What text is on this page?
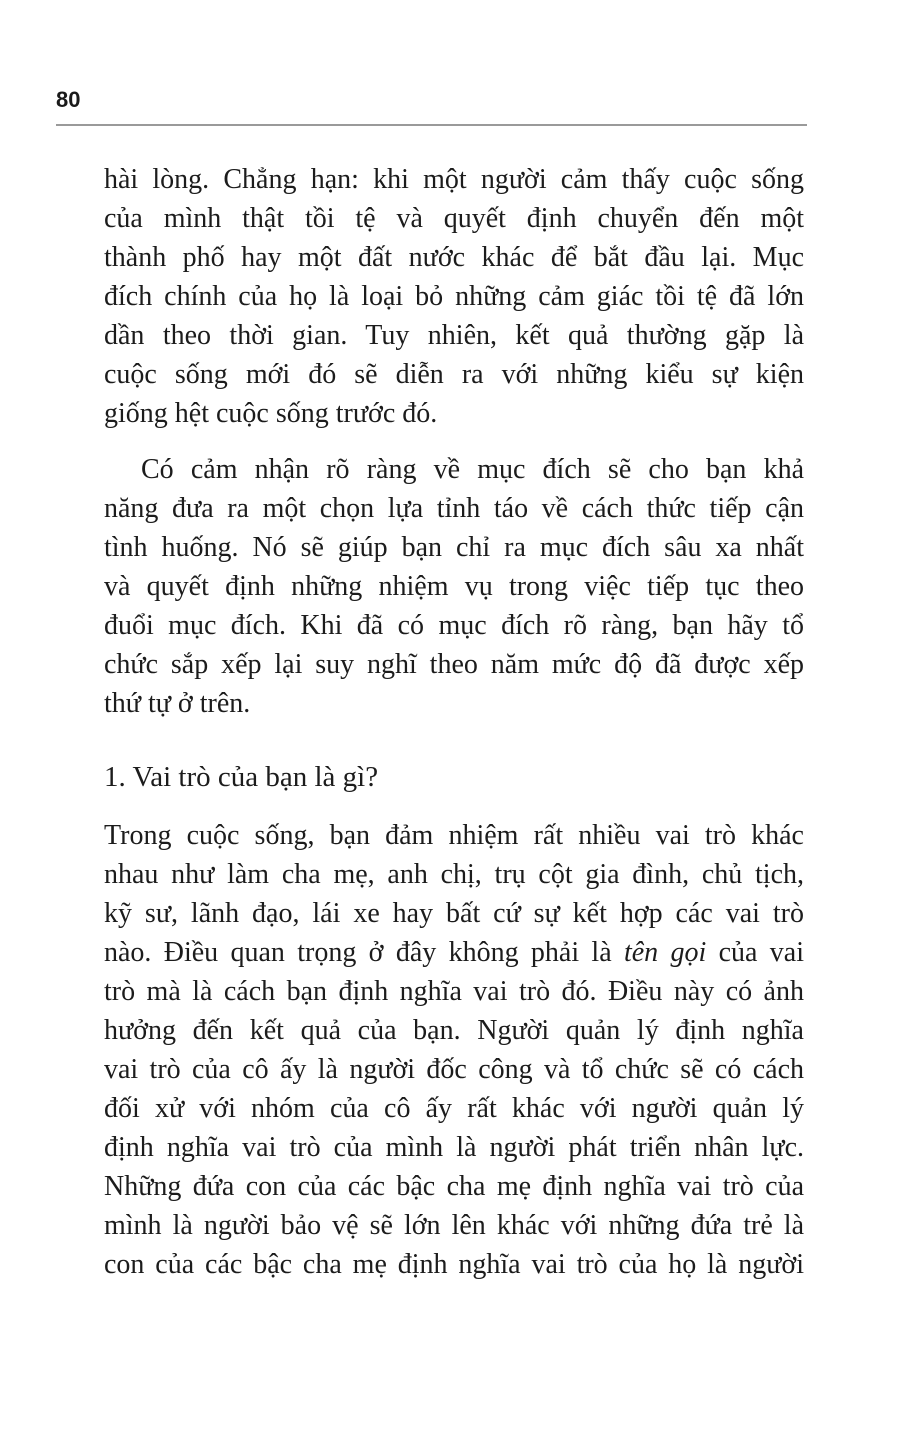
80

hài lòng. Chẳng hạn: khi một người cảm thấy cuộc sống
của mình thật tồi tệ và quyết định chuyển đến một
thành phố hay một đất nước khác để bắt đầu lại. Mục
đích chính của họ là loại bỏ những cảm giác tồi tệ đã lớn
dần theo thời gian. Tuy nhiên, kết quả thường gặp là
cuộc sống mới đó sẽ diễn ra với những kiểu sự kiện
giống hệt cuộc sống trước đó.

Có cảm nhận rõ ràng về mục đích sẽ cho bạn khả
năng đưa ra một chọn lựa tỉnh táo về cách thức tiếp cận
tình huống. Nó sẽ giúp bạn chỉ ra mục đích sâu xa nhất
và quyết định những nhiệm vụ trong việc tiếp tục theo
đuổi mục đích. Khi đã có mục đích rõ ràng, bạn hãy tổ
chức sắp xếp lại suy nghĩ theo năm mức độ đã được xếp
thứ tự ở trên.

1. Vai trò của bạn là gì?

Trong cuộc sống, bạn đảm nhiệm rất nhiều vai trò khác
nhau như làm cha mẹ, anh chị, trụ cột gia đình, chủ tịch,
kỹ sư, lãnh đạo, lái xe hay bất cứ sự kết hợp các vai trò
nào. Điều quan trọng ở đây không phải là tên gọi của vai
trò mà là cách bạn định nghĩa vai trò đó. Điều này có ảnh
hưởng đến kết quả của bạn. Người quản lý định nghĩa
vai trò của cô ấy là người đốc công và tổ chức sẽ có cách
đối xử với nhóm của cô ấy rất khác với người quản lý
định nghĩa vai trò của mình là người phát triển nhân lực.
Những đứa con của các bậc cha mẹ định nghĩa vai trò của
mình là người bảo vệ sẽ lớn lên khác với những đứa trẻ là
con của các bậc cha mẹ định nghĩa vai trò của họ là người
